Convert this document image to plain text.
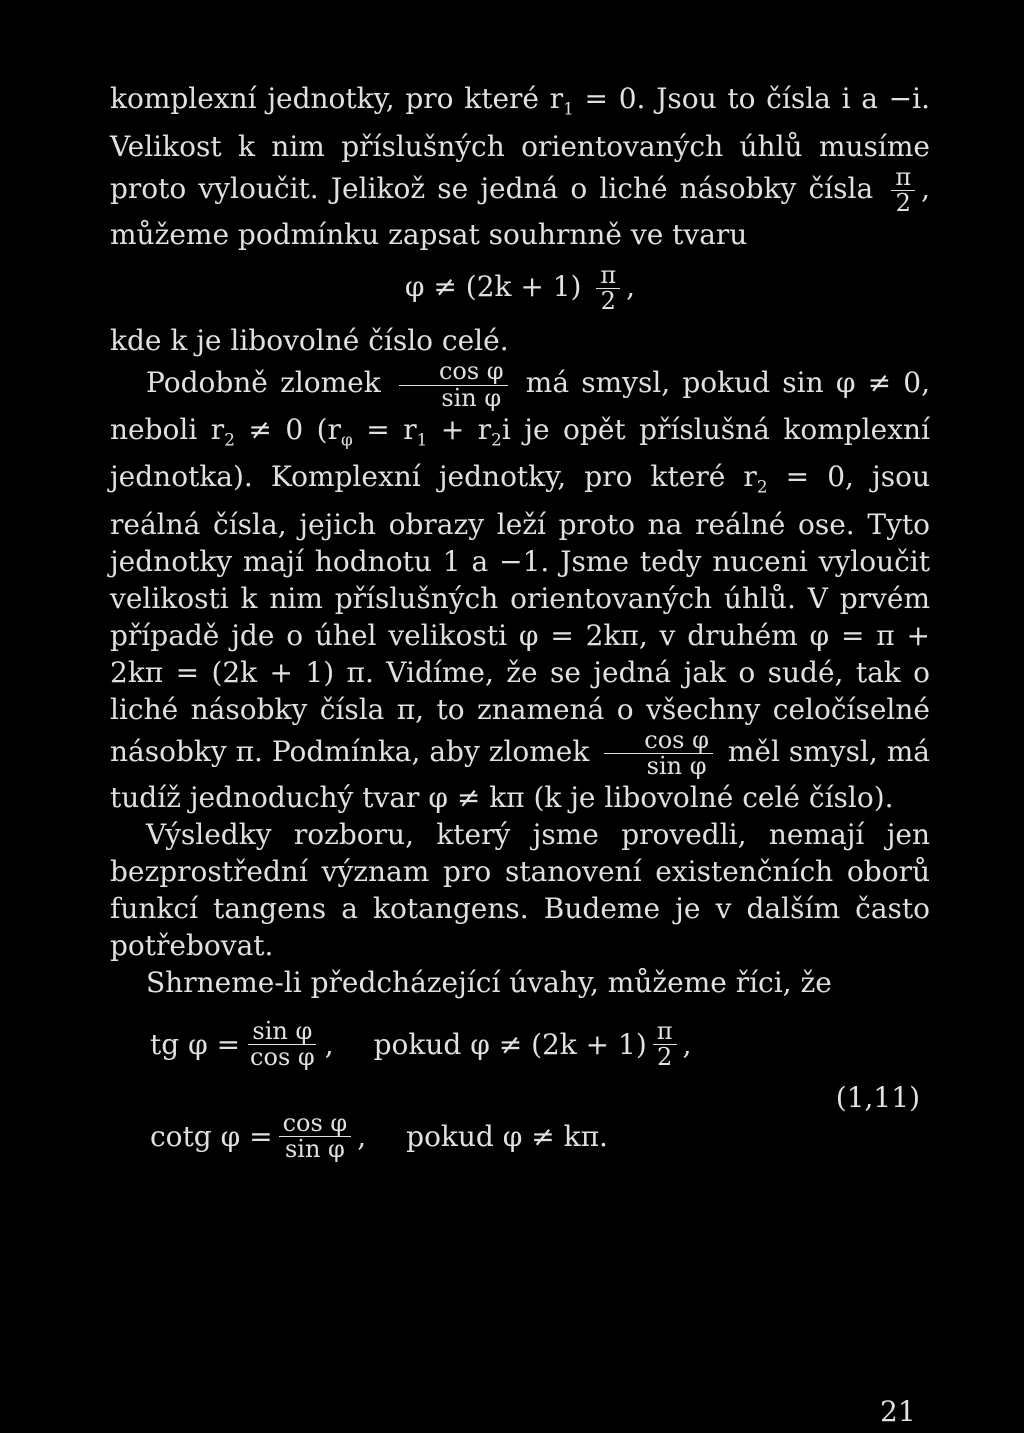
komplexní jednotky, pro které $r_1 = 0$. Jsou to čísla i a −i. Velikost k nim příslušných orientovaných úhlů musíme proto vyloučit. Jelikož se jedná o liché násobky čísla $\frac{\pi}{2}$ , můžeme podmínku zapsat souhrnně ve tvaru

$\varphi \ne (2k + 1) \frac{\pi}{2}$ ,

kde k je libovolné číslo celé.

Podobně zlomek $\frac{\text{cos φ}}{\text{sin φ}}$ má smysl, pokud sin φ ≠ 0, neboli $r_2 \ne 0$ ($r_\varphi = r_1 + r_2i$ je opět příslušná komplexní jednotka). Komplexní jednotky, pro které $r_2 = 0$, jsou reálná čísla, jejich obrazy leží proto na reálné ose. Tyto jednotky mají hodnotu 1 a −1. Jsme tedy nuceni vyloučit velikosti k nim příslušných orientovaných úhlů. V prvém případě jde o úhel velikosti φ = 2kπ, v druhém φ = π + 2kπ = (2k + 1) π. Vidíme, že se jedná jak o sudé, tak o liché násobky čísla π, to znamená o všechny celočíselné násobky π. Podmínka, aby zlomek $\frac{\text{cos φ}}{\text{sin φ}}$ měl smysl, má tudíž jednoduchý tvar φ ≠ kπ (k je libovolné celé číslo).

Výsledky rozboru, který jsme provedli, nemají jen bezprostřední význam pro stanovení existenčních oborů funkcí tangens a kotangens. Budeme je v dalším často potřebovat.

Shrneme-li předcházející úvahy, můžeme říci, že

tg $\varphi = \frac{\text{sin φ}}{\text{cos φ}}$ , pokud $\varphi \ne (2k + 1) \frac{\pi}{2}$ ,
(1,11)
cotg $\varphi = \frac{\text{cos φ}}{\text{sin φ}}$ , pokud φ ≠ kπ.
21
